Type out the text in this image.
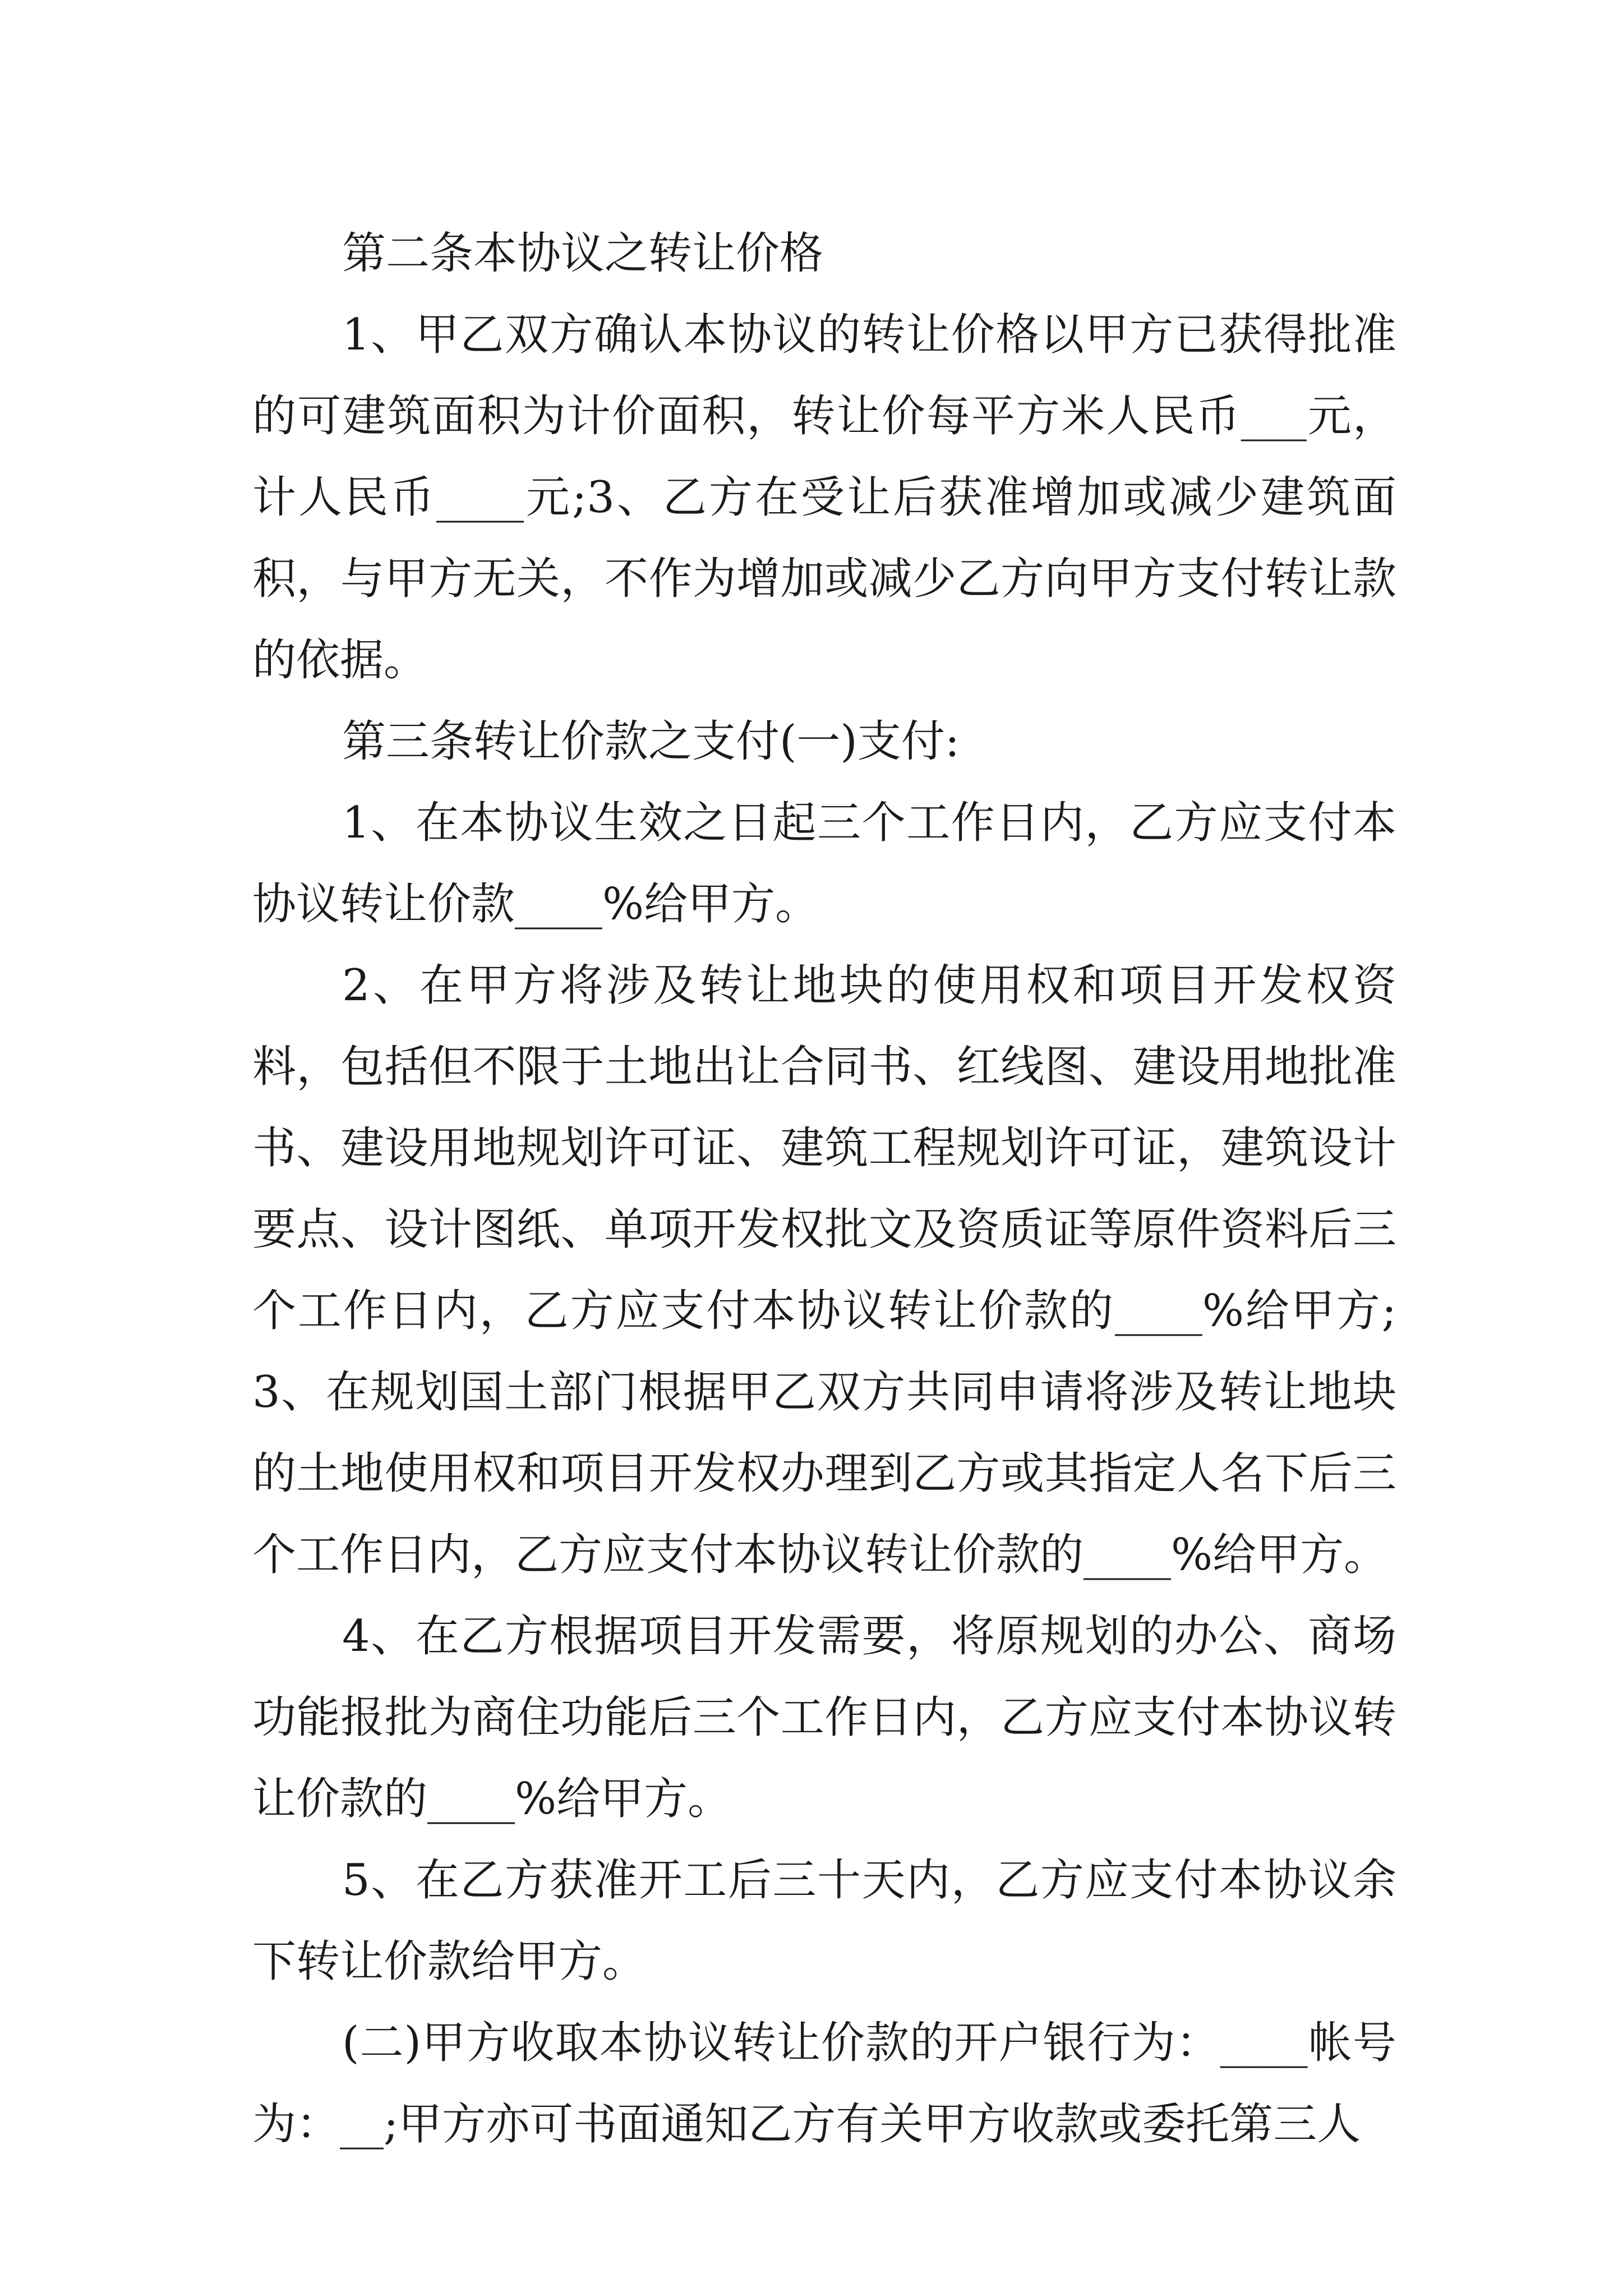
第二条本协议之转让价格

1、甲乙双方确认本协议的转让价格以甲方已获得批准的可建筑面积为计价面积，转让价每平方米人民币___元，计人民币____元;3、乙方在受让后获准增加或减少建筑面积，与甲方无关，不作为增加或减少乙方向甲方支付转让款的依据。

第三条转让价款之支付(一)支付:

1、在本协议生效之日起三个工作日内，乙方应支付本协议转让价款____%给甲方。

2、在甲方将涉及转让地块的使用权和项目开发权资料，包括但不限于土地出让合同书、红线图、建设用地批准书、建设用地规划许可证、建筑工程规划许可证，建筑设计要点、设计图纸、单项开发权批文及资质证等原件资料后三个工作日内，乙方应支付本协议转让价款的____%给甲方;3、在规划国土部门根据甲乙双方共同申请将涉及转让地块的土地使用权和项目开发权办理到乙方或其指定人名下后三个工作日内，乙方应支付本协议转让价款的____%给甲方。

4、在乙方根据项目开发需要，将原规划的办公、商场功能报批为商住功能后三个工作日内，乙方应支付本协议转让价款的____%给甲方。

5、在乙方获准开工后三十天内，乙方应支付本协议余下转让价款给甲方。

(二)甲方收取本协议转让价款的开户银行为：____帐号为：__;甲方亦可书面通知乙方有关甲方收款或委托第三人
